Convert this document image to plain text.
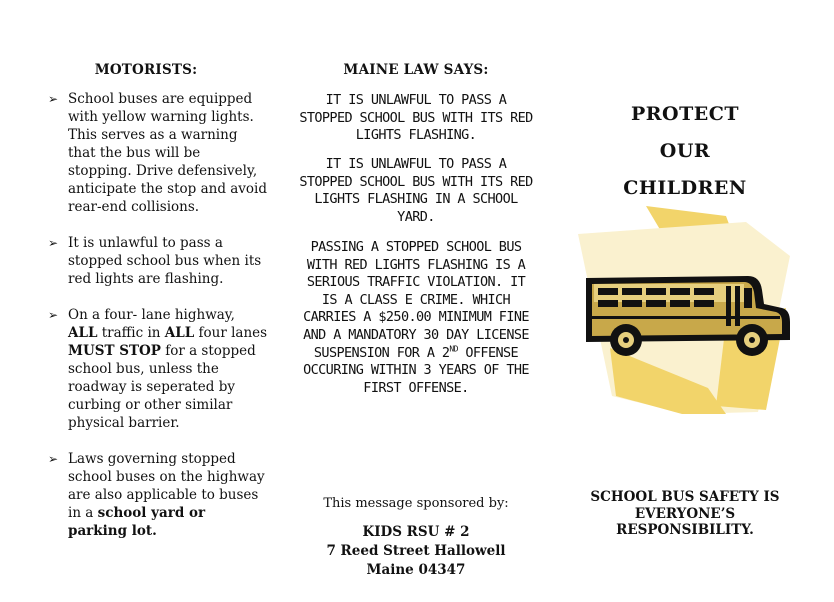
MOTORISTS:
➢ School buses are equipped with yellow warning lights. This serves as a warning that the bus will be stopping. Drive defensively, anticipate the stop and avoid rear-end collisions.
➢ It is unlawful to pass a stopped school bus when its red lights are flashing.
➢ On a four- lane highway, ALL traffic in ALL four lanes MUST STOP for a stopped school bus, unless the roadway is seperated by curbing or other similar physical barrier.
➢ Laws governing stopped school buses on the highway are also applicable to buses in a school yard or parking lot.
MAINE LAW SAYS:
IT IS UNLAWFUL TO PASS A STOPPED SCHOOL BUS WITH ITS RED LIGHTS FLASHING.
IT IS UNLAWFUL TO PASS A STOPPED SCHOOL BUS WITH ITS RED LIGHTS FLASHING IN A SCHOOL YARD.
PASSING A STOPPED SCHOOL BUS WITH RED LIGHTS FLASHING IS A SERIOUS TRAFFIC VIOLATION. IT IS A CLASS E CRIME. WHICH CARRIES A $250.00 MINIMUM FINE AND A MANDATORY 30 DAY LICENSE SUSPENSION FOR A 2ND OFFENSE OCCURING WITHIN 3 YEARS OF THE FIRST OFFENSE.
This message sponsored by:
KIDS RSU # 2
7 Reed Street Hallowell
Maine 04347
PROTECT
OUR
CHILDREN
SCHOOL BUS SAFETY IS
EVERYONE’S
RESPONSIBILITY.
